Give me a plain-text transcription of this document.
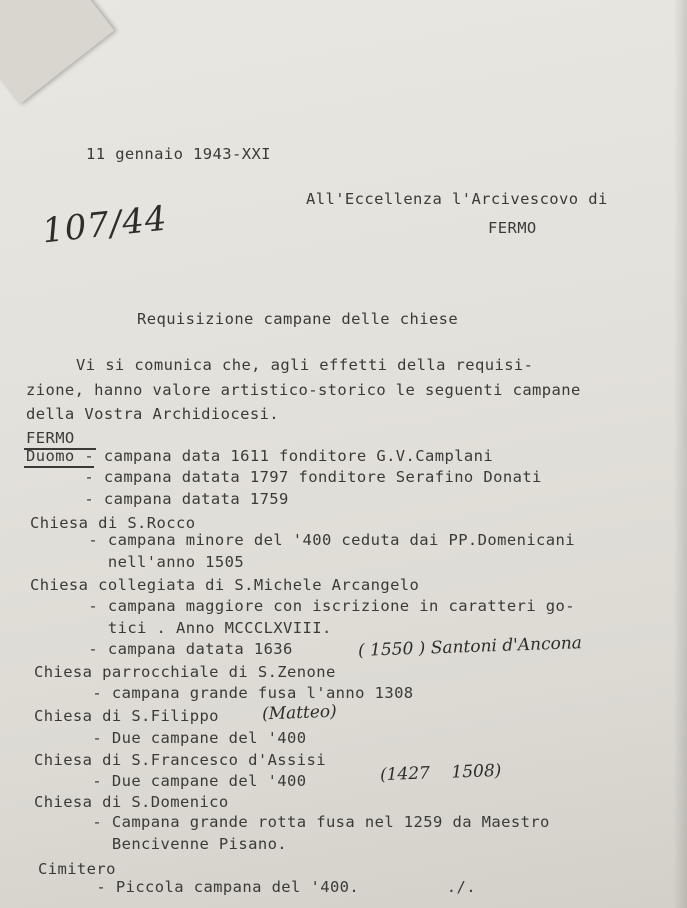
11 gennaio 1943-XXI
107/44	All'Eccellenza l'Arcivescovo di
FERMO
Requisizione campane delle chiese
Vi si comunica che, agli effetti della requisi-
zione, hanno valore artistico-storico le seguenti campane
della Vostra Archidiocesi.
FERMO
Duomo - campana data 1611 fonditore G.V.Camplani
- campana datata 1797 fonditore Serafino Donati
- campana datata 1759
Chiesa di S.Rocco
- campana minore del '400 ceduta dai PP.Domenicani
nell'anno 1505
Chiesa collegiata di S.Michele Arcangelo
- campana maggiore con iscrizione in caratteri go-
tici . Anno MCCCLXVIII.
- campana datata 1636	( 1550 ) Santoni d'Ancona
Chiesa parrocchiale di S.Zenone
- campana grande fusa l'anno 1308
Chiesa di S.Filippo	(Matteo)
- Due campane del '400
Chiesa di S.Francesco d'Assisi
- Due campane del '400	(1427    1508)
Chiesa di S.Domenico
- Campana grande rotta fusa nel 1259 da Maestro
Bencivenne Pisano.
Cimitero
- Piccola campana del '400.         ./.
